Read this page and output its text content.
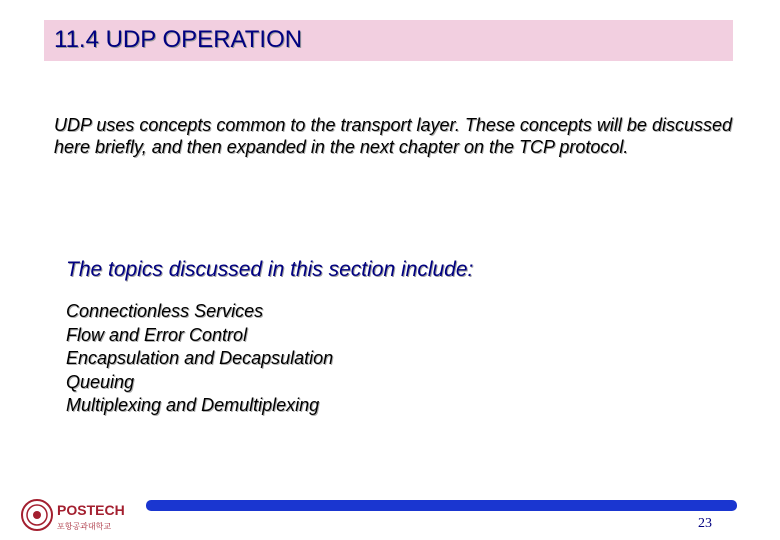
11.4 UDP OPERATION

UDP uses concepts common to the transport layer. These concepts will be discussed here briefly, and then expanded in the next chapter on the TCP protocol.

The topics discussed in this section include:
Connectionless Services
Flow and Error Control
Encapsulation and Decapsulation
Queuing
Multiplexing and Demultiplexing
POSTECH
포항공과대학교	23
